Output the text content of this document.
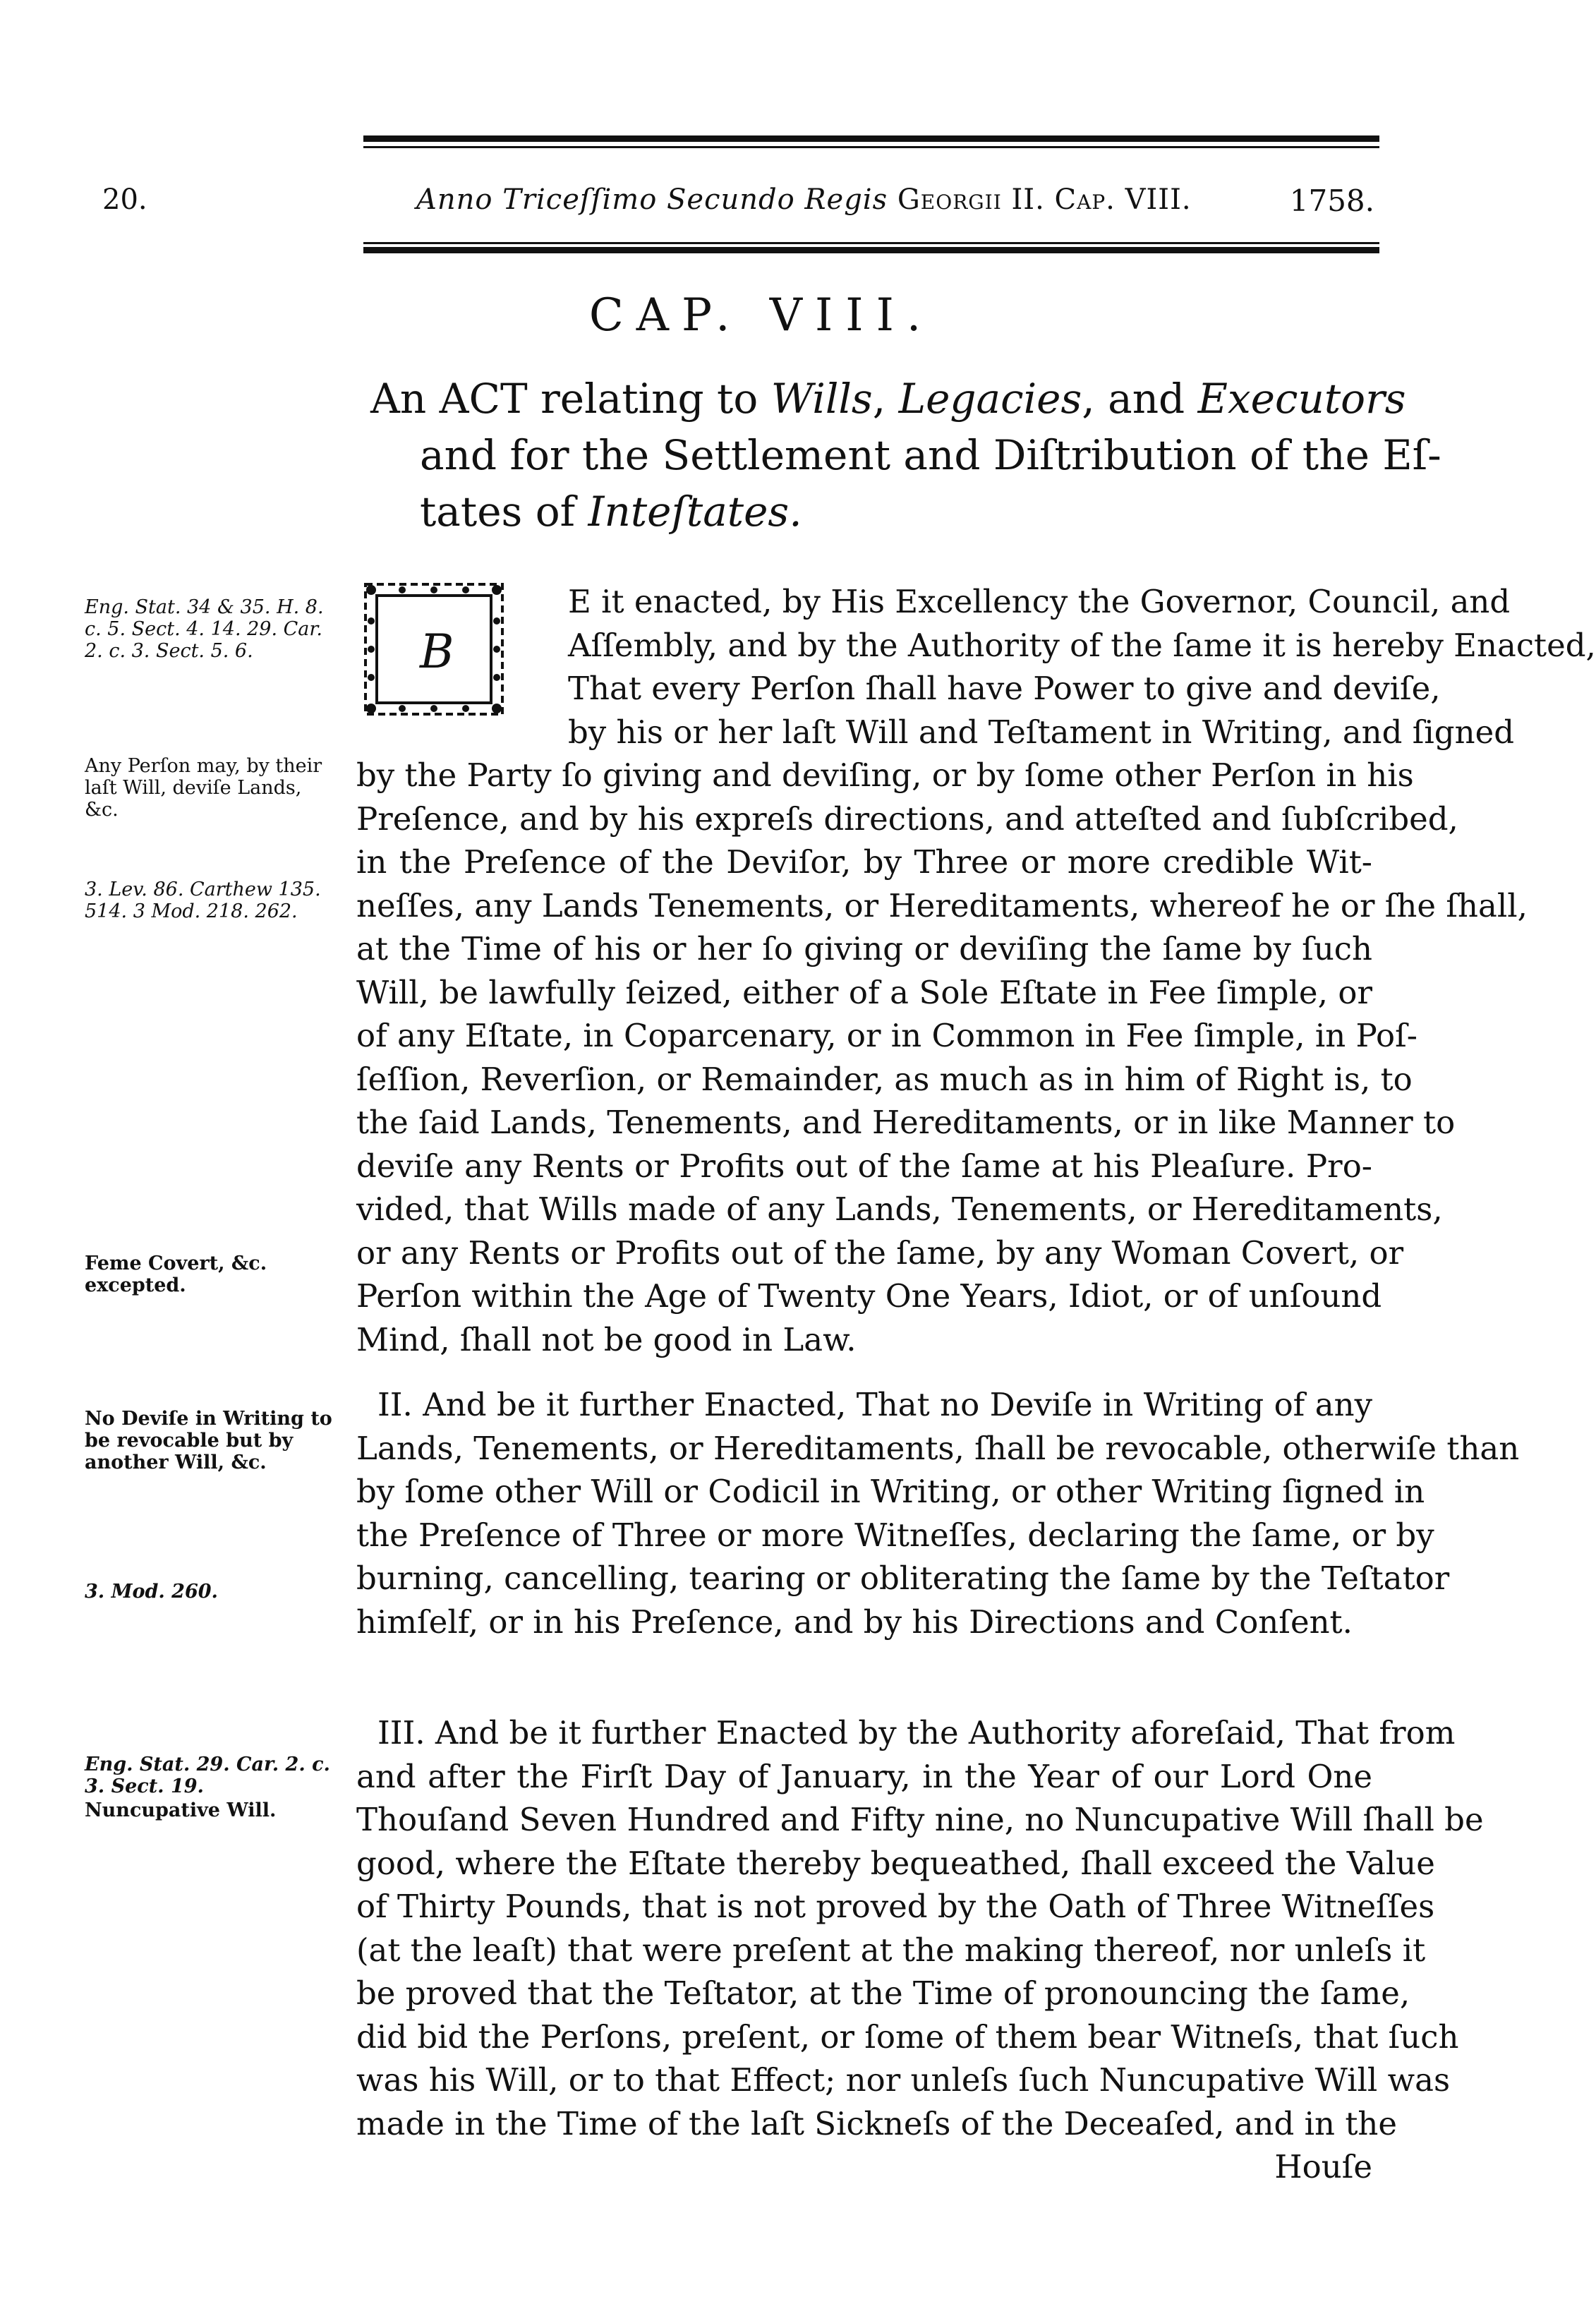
20.	Anno Triceſſimo Secundo Regis Georgii II. Cap. VIII.	1758.
CAP. VIII.
An ACT relating to Wills, Legacies, and Executors
and for the Settlement and Diſtribution of the Eſ-
tates of Inteſtates.
Eng. Stat. 34 & 35. H. 8. c. 5. Sect. 4. 14. 29. Car. 2. c. 3. Sect. 5. 6.
Any Perſon may, by their laſt Will, deviſe Lands, &c.
3. Lev. 86. Carthew 135. 514. 3 Mod. 218. 262.
Feme Covert, &c. excepted.
No Deviſe in Writing to be revocable but by another Will, &c.
3. Mod. 260.
Eng. Stat. 29. Car. 2. c. 3. Sect. 19.
Nuncupative Will.
B
E it enacted, by His Excellency the Governor, Council, and
Aſſembly, and by the Authority of the ſame it is hereby Enacted,
That every Perſon ſhall have Power to give and deviſe,
by his or her laſt Will and Teſtament in Writing, and ſigned
by the Party ſo giving and deviſing, or by ſome other Perſon in his
Preſence, and by his expreſs directions, and atteſted and ſubſcribed,
in the Preſence of the Deviſor, by Three or more credible Wit-
neſſes, any Lands Tenements, or Hereditaments, whereof he or ſhe ſhall,
at the Time of his or her ſo giving or deviſing the ſame by ſuch
Will, be lawfully ſeized, either of a Sole Eſtate in Fee ſimple, or
of any Eſtate, in Coparcenary, or in Common in Fee ſimple, in Poſ-
ſeſſion, Reverſion, or Remainder, as much as in him of Right is, to
the ſaid Lands, Tenements, and Hereditaments, or in like Manner to
deviſe any Rents or Profits out of the ſame at his Pleaſure. Pro-
vided, that Wills made of any Lands, Tenements, or Hereditaments,
or any Rents or Profits out of the ſame, by any Woman Covert, or
Perſon within the Age of Twenty One Years, Idiot, or of unſound
Mind, ſhall not be good in Law.
II. And be it further Enacted, That no Deviſe in Writing of any
Lands, Tenements, or Hereditaments, ſhall be revocable, otherwiſe than
by ſome other Will or Codicil in Writing, or other Writing ſigned in
the Preſence of Three or more Witneſſes, declaring the ſame, or by
burning, cancelling, tearing or obliterating the ſame by the Teſtator
himſelf, or in his Preſence, and by his Directions and Conſent.
III. And be it further Enacted by the Authority aforeſaid, That from
and after the Firſt Day of January, in the Year of our Lord One
Thouſand Seven Hundred and Fifty nine, no Nuncupative Will ſhall be
good, where the Eſtate thereby bequeathed, ſhall exceed the Value
of Thirty Pounds, that is not proved by the Oath of Three Witneſſes
(at the leaſt) that were preſent at the making thereof, nor unleſs it
be proved that the Teſtator, at the Time of pronouncing the ſame,
did bid the Perſons, preſent, or ſome of them bear Witneſs, that ſuch
was his Will, or to that Effect; nor unleſs ſuch Nuncupative Will was
made in the Time of the laſt Sickneſs of the Deceaſed, and in the
Houſe
